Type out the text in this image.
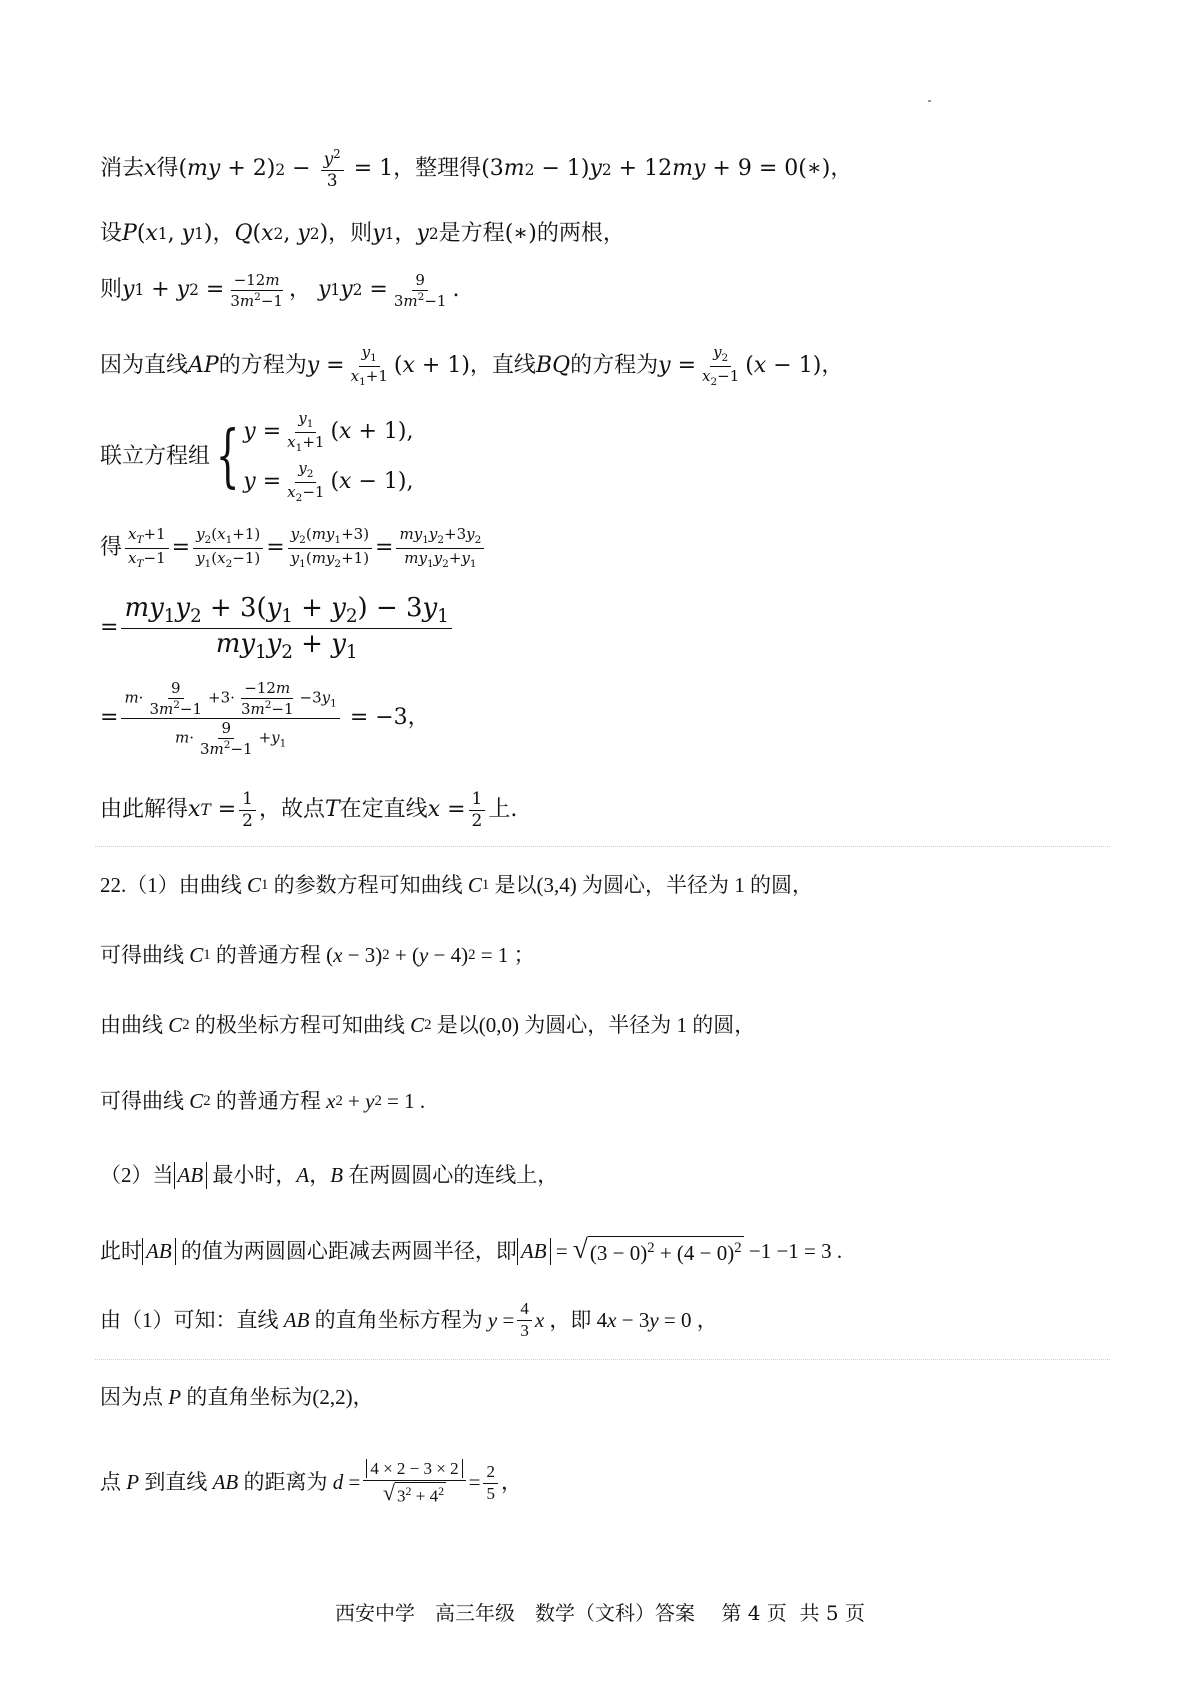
消去 x 得 ( my + 2) $2 - \frac{y^2}{3} = 1$ ，整理得 (3 m 2 − 1) y 2 + 12 my + 9 = 0(∗)，
设 P ( x 1 , y 1 ) ， Q ( x 2 , y 2 ) ，则 y 1 ， y 2 是方程 (∗) 的两根，
则 y 1 + y $2 = \frac{-12m}{3m^2-1}$ ，
y 1 y $2 = \frac{9}{3m^2-1}$ .
因为直线 AP 的方程为 $y = \frac{y_1}{x_1+1}$ ( x + 1) ，直线 BQ 的方程为 $y = \frac{y_2}{x_2-1}$ ( x − 1) ，
联立方程组 { $y = \frac{y_1}{x_1+1}$ ( x + 1),
$y = \frac{y_2}{x_2-1}$ ( x − 1),
得 $\frac{x_T+1}{x_T-1} = \frac{y_2(x_1+1)}{y_1(x_2-1)} = \frac{y_2(my_1+3)}{y_1(my_2+1)} = \frac{my_1y_2+3y_2}{my_1y_2+y_1}$
= $\frac{my_1y_2 + 3(y_1 + y_2) - 3y_1}{my_1y_2 + y_1}$
= $\frac{m\cdot \frac{9}{3m^2-1} +3\cdot \frac{-12m}{3m^2-1} -3y_1}{m\cdot \frac{9}{3m^2-1} +y_1} = -3$，
由此解得 x $T = \frac{1}{2}$ ，故点 T 在定直线 $x = \frac{1}{2}$ 上.
22.（1）由曲线
C 1
的参数方程可知曲线
C 1
是以 (3,4) 为圆心，半径为 1 的圆，
可得曲线
C 1
的普通方程 ( x − 3) 2 + ( y − 4) 2 = 1 ；
由曲线
C 2
的极坐标方程可知曲线
C 2
是以 (0,0) 为圆心，半径为 1 的圆，
可得曲线
C 2
的普通方程
x 2 + y 2 = 1 .
（2）当 AB
最小时， A ， B
在两圆圆心的连线上，
此时 AB
的值为两圆圆心距减去两圆半径，即 AB = √ $(3 - 0)^2 + (4 - 0)^2 -1 -1 = 3$ .
由（1）可知：直线
AB
的直角坐标方程为
$y = \frac{4}{3}$ x
，即 4 x − 3 y = 0 ，
因为点
P
的直角坐标为 (2,2)，
点
P
到直线
AB
的距离为
$d = \frac{4 \times 2 - 3 \times 2}{√ 3^2 + 4^2} = \frac{2}{5}$ ，
西安中学　高三年级　数学（文科）答案　 第 4 页  共 5 页
